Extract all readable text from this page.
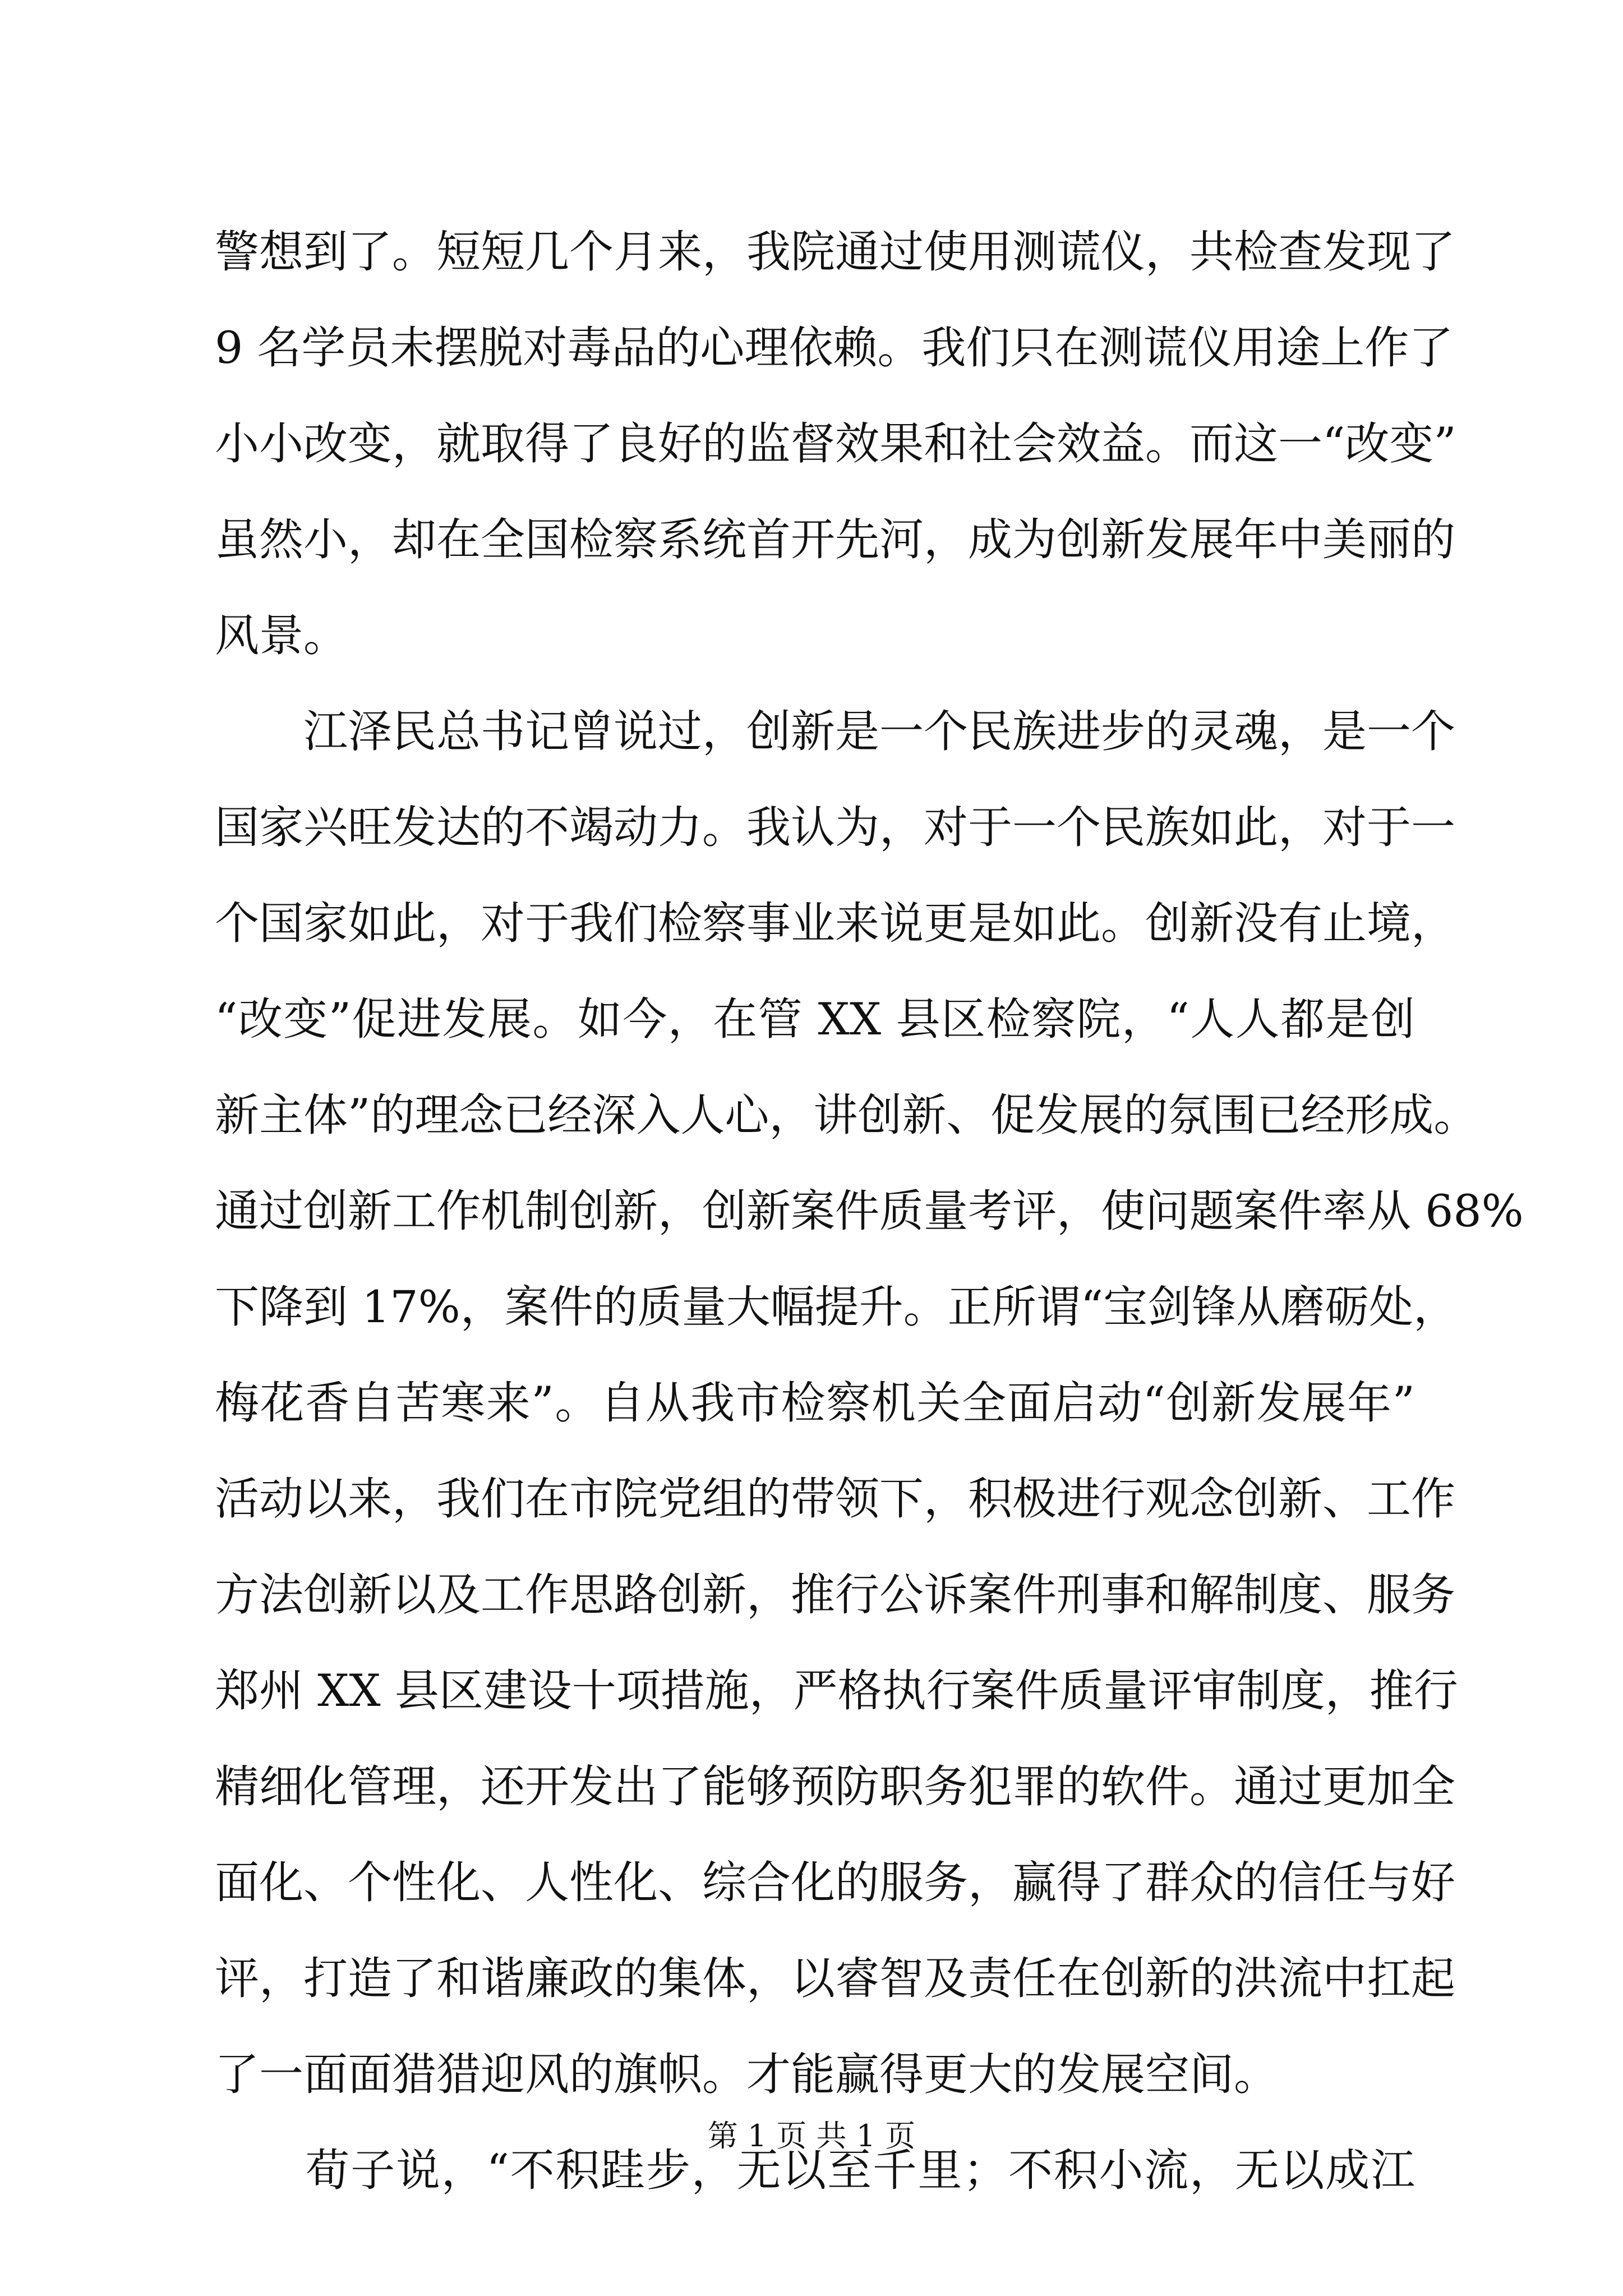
警想到了。短短几个月来，我院通过使用测谎仪，共检查发现了
9 名学员未摆脱对毒品的心理依赖。我们只在测谎仪用途上作了
小小改变，就取得了良好的监督效果和社会效益。而这一“改变”
虽然小，却在全国检察系统首开先河，成为创新发展年中美丽的
风景。
　　江泽民总书记曾说过，创新是一个民族进步的灵魂，是一个
国家兴旺发达的不竭动力。我认为，对于一个民族如此，对于一
个国家如此，对于我们检察事业来说更是如此。创新没有止境，
“改变”促进发展。如今，在管 XX 县区检察院，“人人都是创
新主体”的理念已经深入人心，讲创新、促发展的氛围已经形成。
通过创新工作机制创新，创新案件质量考评，使问题案件率从 68%
下降到 17%，案件的质量大幅提升。正所谓“宝剑锋从磨砺处，
梅花香自苦寒来”。自从我市检察机关全面启动“创新发展年”
活动以来，我们在市院党组的带领下，积极进行观念创新、工作
方法创新以及工作思路创新，推行公诉案件刑事和解制度、服务
郑州 XX 县区建设十项措施，严格执行案件质量评审制度，推行
精细化管理，还开发出了能够预防职务犯罪的软件。通过更加全
面化、个性化、人性化、综合化的服务，赢得了群众的信任与好
评，打造了和谐廉政的集体，以睿智及责任在创新的洪流中扛起
了一面面猎猎迎风的旗帜。才能赢得更大的发展空间。
　　荀子说，“不积跬步，无以至千里；不积小流，无以成江
第 1 页 共 1 页
